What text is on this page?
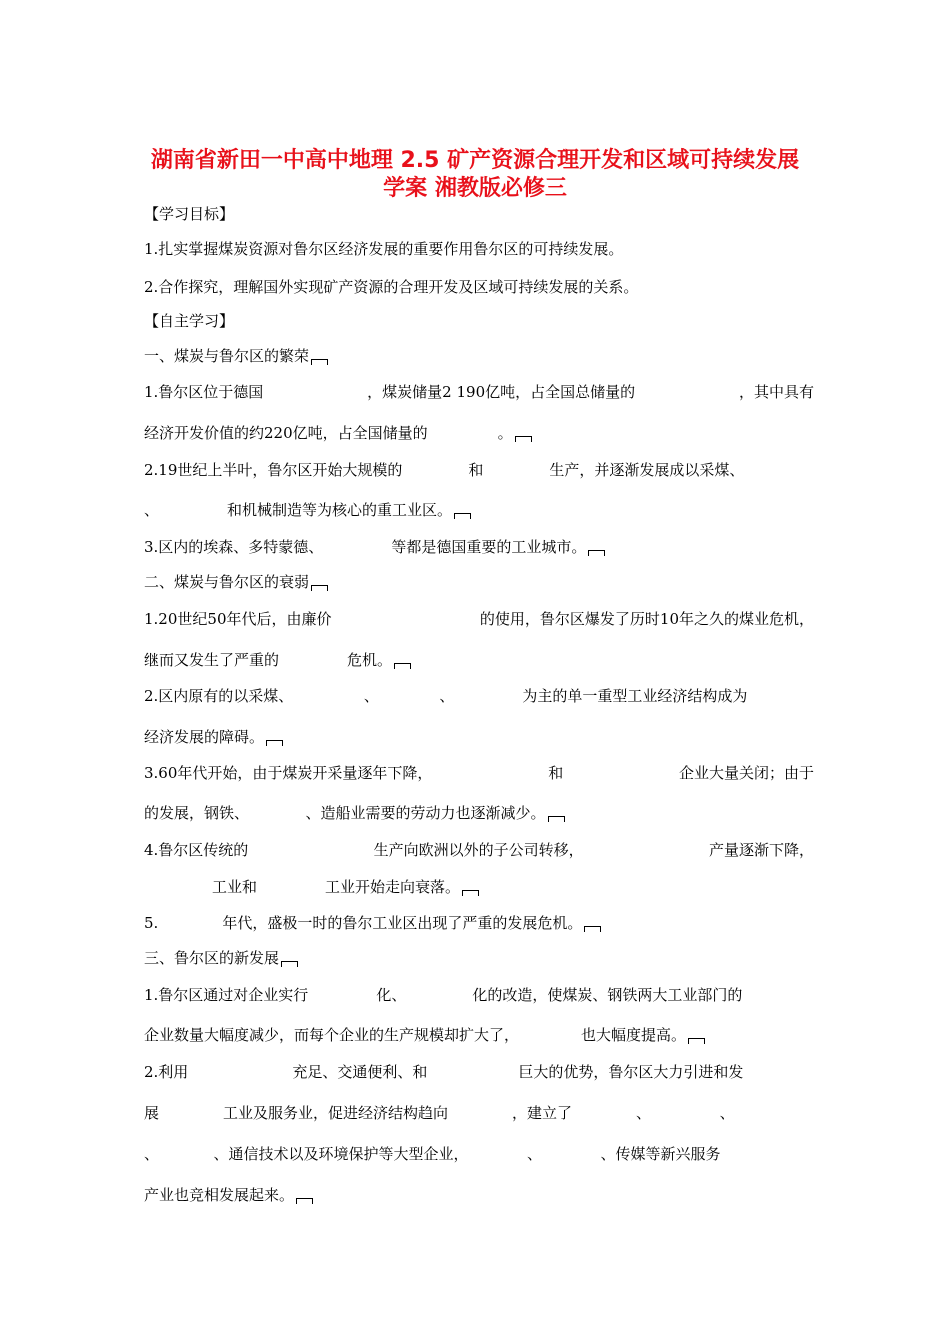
湖南省新田一中高中地理 2.5 矿产资源合理开发和区域可持续发展
学案 湘教版必修三
【学习目标】
1.扎实掌握煤炭资源对鲁尔区经济发展的重要作用鲁尔区的可持续发展。
2.合作探究，理解国外实现矿产资源的合理开发及区域可持续发展的关系。
【自主学习】
一、煤炭与鲁尔区的繁荣
1.鲁尔区位于德国	，煤炭储量2 190亿吨，占全国总储量的	，其中具有
经济开发价值的约220亿吨，占全国储量的	。
2.19世纪上半叶，鲁尔区开始大规模的	和	生产，并逐渐发展成以采煤、
、	和机械制造等为核心的重工业区。
3.区内的埃森、多特蒙德、	等都是德国重要的工业城市。
二、煤炭与鲁尔区的衰弱
1.20世纪50年代后，由廉价	的使用，鲁尔区爆发了历时10年之久的煤业危机，
继而又发生了严重的	危机。
2.区内原有的以采煤、	、	、	为主的单一重型工业经济结构成为
经济发展的障碍。
3.60年代开始，由于煤炭开采量逐年下降，	和	企业大量关闭；由于
的发展，钢铁、	、造船业需要的劳动力也逐渐减少。
4.鲁尔区传统的	生产向欧洲以外的子公司转移，	产量逐渐下降，
工业和	工业开始走向衰落。
5.	年代，盛极一时的鲁尔工业区出现了严重的发展危机。
三、鲁尔区的新发展
1.鲁尔区通过对企业实行	化、	化的改造，使煤炭、钢铁两大工业部门的
企业数量大幅度减少，而每个企业的生产规模却扩大了，	也大幅度提高。
2.利用	充足、交通便利、和	巨大的优势，鲁尔区大力引进和发
展	工业及服务业，促进经济结构趋向	，建立了	、	、
、	、通信技术以及环境保护等大型企业，	、	、传媒等新兴服务
产业也竞相发展起来。
